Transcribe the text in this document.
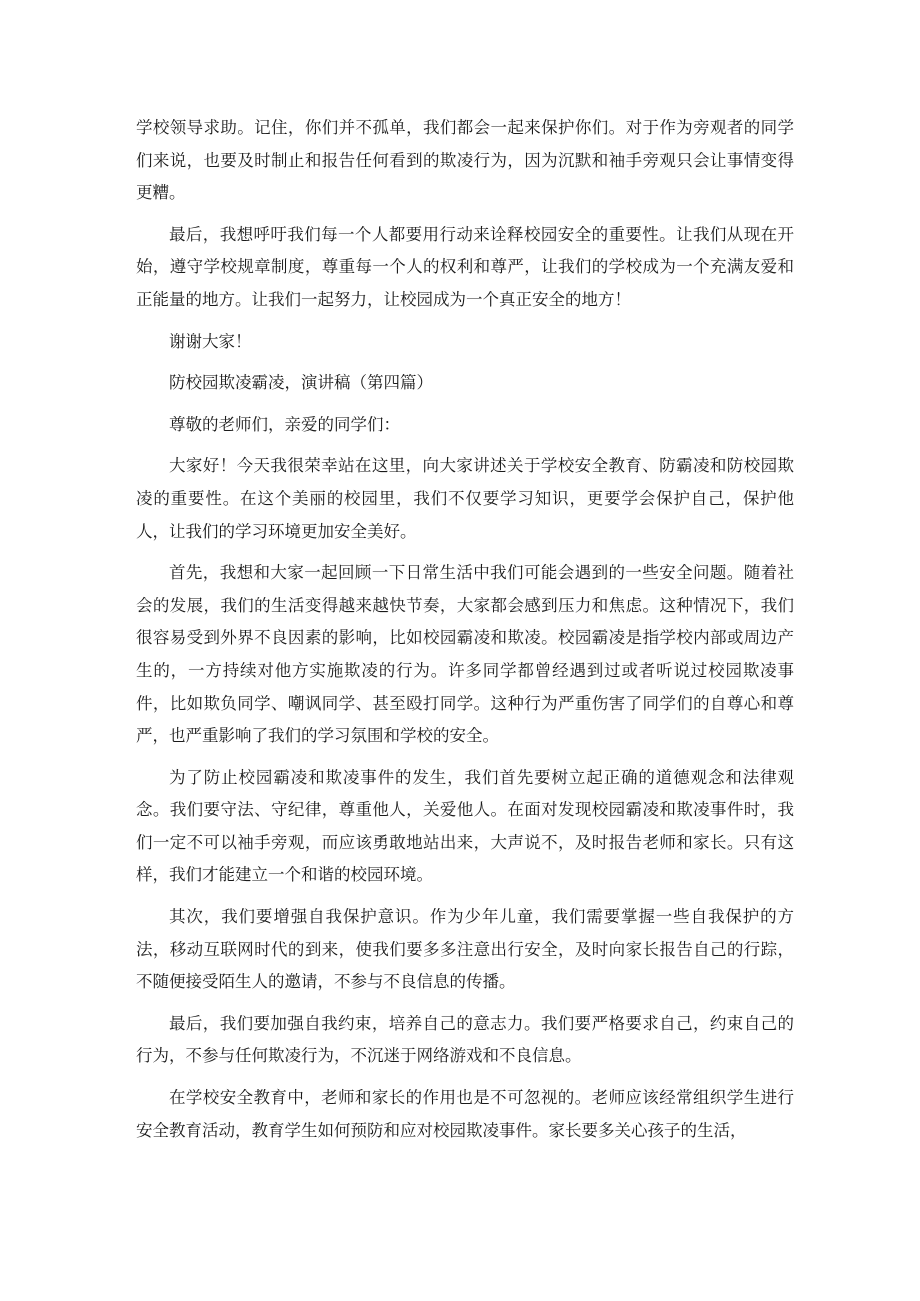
学校领导求助。记住，你们并不孤单，我们都会一起来保护你们。对于作为旁观者的同学们来说，也要及时制止和报告任何看到的欺凌行为，因为沉默和袖手旁观只会让事情变得更糟。

最后，我想呼吁我们每一个人都要用行动来诠释校园安全的重要性。让我们从现在开始，遵守学校规章制度，尊重每一个人的权利和尊严，让我们的学校成为一个充满友爱和正能量的地方。让我们一起努力，让校园成为一个真正安全的地方！

谢谢大家！

防校园欺凌霸凌，演讲稿（第四篇）

尊敬的老师们，亲爱的同学们：

大家好！今天我很荣幸站在这里，向大家讲述关于学校安全教育、防霸凌和防校园欺凌的重要性。在这个美丽的校园里，我们不仅要学习知识，更要学会保护自己，保护他人，让我们的学习环境更加安全美好。

首先，我想和大家一起回顾一下日常生活中我们可能会遇到的一些安全问题。随着社会的发展，我们的生活变得越来越快节奏，大家都会感到压力和焦虑。这种情况下，我们很容易受到外界不良因素的影响，比如校园霸凌和欺凌。校园霸凌是指学校内部或周边产生的，一方持续对他方实施欺凌的行为。许多同学都曾经遇到过或者听说过校园欺凌事件，比如欺负同学、嘲讽同学、甚至殴打同学。这种行为严重伤害了同学们的自尊心和尊严，也严重影响了我们的学习氛围和学校的安全。

为了防止校园霸凌和欺凌事件的发生，我们首先要树立起正确的道德观念和法律观念。我们要守法、守纪律，尊重他人，关爱他人。在面对发现校园霸凌和欺凌事件时，我们一定不可以袖手旁观，而应该勇敢地站出来，大声说不，及时报告老师和家长。只有这样，我们才能建立一个和谐的校园环境。

其次，我们要增强自我保护意识。作为少年儿童，我们需要掌握一些自我保护的方法，移动互联网时代的到来，使我们要多多注意出行安全，及时向家长报告自己的行踪，不随便接受陌生人的邀请，不参与不良信息的传播。

最后，我们要加强自我约束，培养自己的意志力。我们要严格要求自己，约束自己的行为，不参与任何欺凌行为，不沉迷于网络游戏和不良信息。

在学校安全教育中，老师和家长的作用也是不可忽视的。老师应该经常组织学生进行安全教育活动，教育学生如何预防和应对校园欺凌事件。家长要多关心孩子的生活，
